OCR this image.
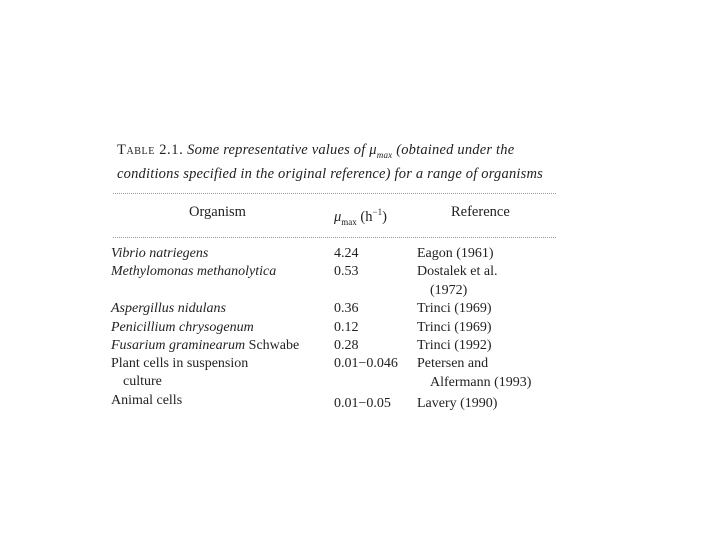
Table 2.1. Some representative values of $\mu_{max}$ (obtained under the conditions specified in the original reference) for a range of organisms
Organism	$\mu_{max}$ $(h^{-1})$	Reference
Vibrio natriegens	4.24	Eagon (1961)
Methylomonas methanolytica	0.53	Dostalek et al.
(1972)
Aspergillus nidulans	0.36	Trinci (1969)
Penicillium chrysogenum	0.12	Trinci (1969)
Fusarium graminearum Schwabe 0.28	Trinci (1992)
Plant cells in suspension
culture
0.01−0.046 Petersen and
Alfermann (1993)
Animal cells	0.01−0.05 Lavery (1990)
